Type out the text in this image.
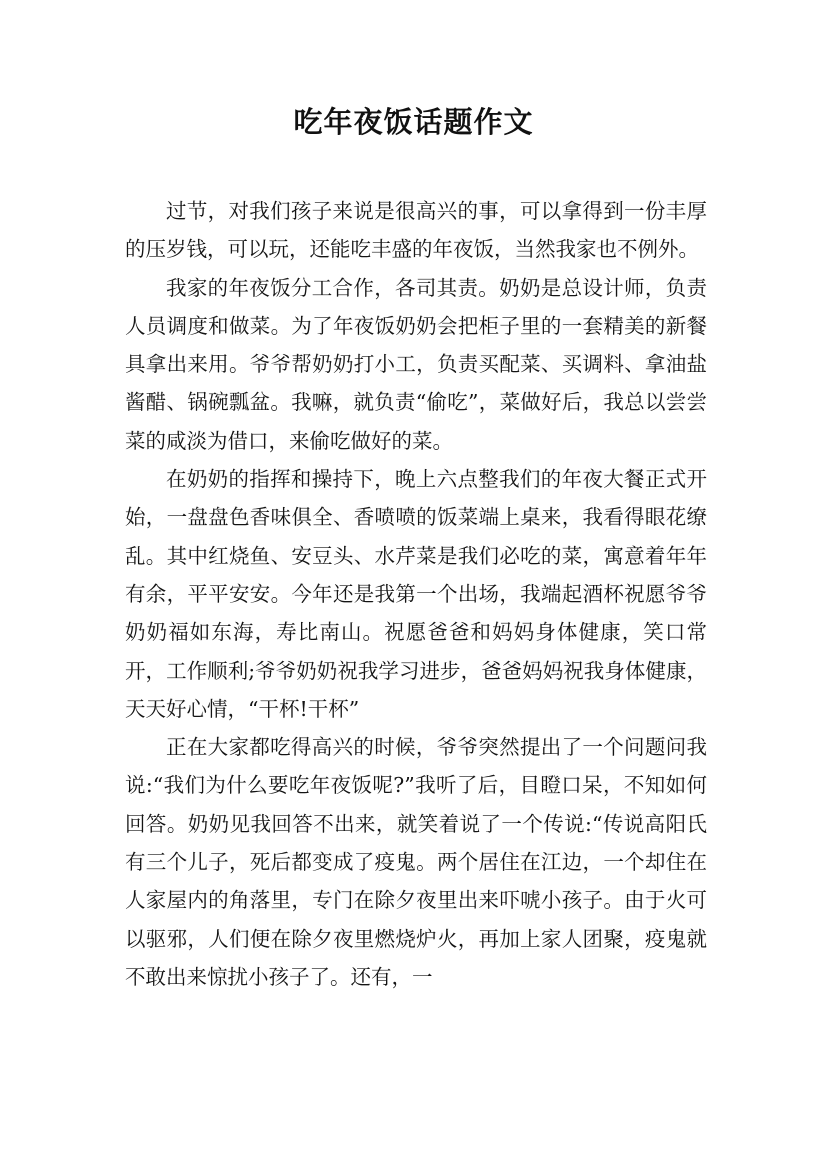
吃年夜饭话题作文

过节，对我们孩子来说是很高兴的事，可以拿得到一份丰厚的压岁钱，可以玩，还能吃丰盛的年夜饭，当然我家也不例外。

我家的年夜饭分工合作，各司其责。奶奶是总设计师，负责人员调度和做菜。为了年夜饭奶奶会把柜子里的一套精美的新餐具拿出来用。爷爷帮奶奶打小工，负责买配菜、买调料、拿油盐酱醋、锅碗瓢盆。我嘛，就负责“偷吃”，菜做好后，我总以尝尝菜的咸淡为借口，来偷吃做好的菜。

在奶奶的指挥和操持下，晚上六点整我们的年夜大餐正式开始，一盘盘色香味俱全、香喷喷的饭菜端上桌来，我看得眼花缭乱。其中红烧鱼、安豆头、水芹菜是我们必吃的菜，寓意着年年有余，平平安安。今年还是我第一个出场，我端起酒杯祝愿爷爷奶奶福如东海，寿比南山。祝愿爸爸和妈妈身体健康，笑口常开，工作顺利;爷爷奶奶祝我学习进步，爸爸妈妈祝我身体健康，天天好心情，“干杯!干杯”

正在大家都吃得高兴的时候，爷爷突然提出了一个问题问我说:“我们为什么要吃年夜饭呢?”我听了后，目瞪口呆，不知如何回答。奶奶见我回答不出来，就笑着说了一个传说:“传说高阳氏有三个儿子，死后都变成了疫鬼。两个居住在江边，一个却住在人家屋内的角落里，专门在除夕夜里出来吓唬小孩子。由于火可以驱邪，人们便在除夕夜里燃烧炉火，再加上家人团聚，疫鬼就不敢出来惊扰小孩子了。还有，一
